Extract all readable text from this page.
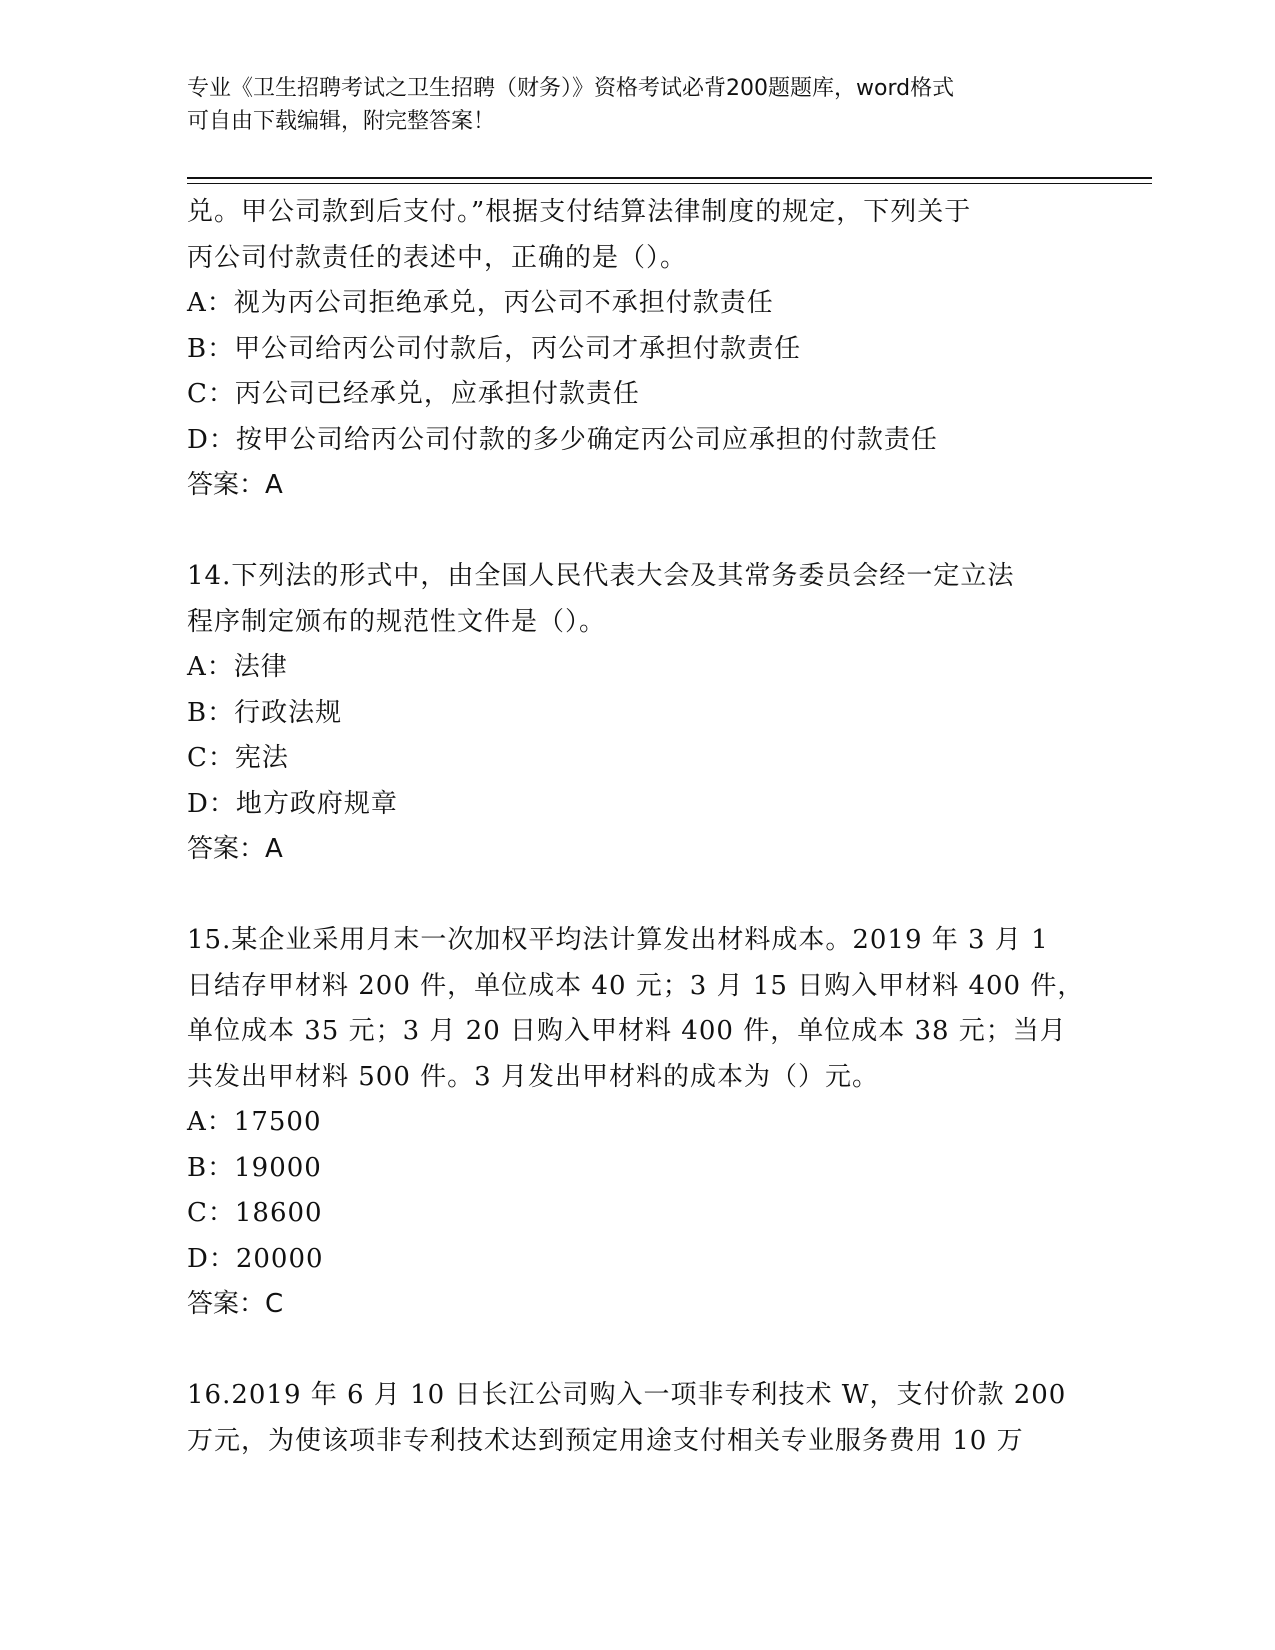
专业《卫生招聘考试之卫生招聘（财务）》资格考试必背200题题库，word格式
可自由下载编辑，附完整答案！
兑。甲公司款到后支付。”根据支付结算法律制度的规定，下列关于
丙公司付款责任的表述中，正确的是（）。
A：视为丙公司拒绝承兑，丙公司不承担付款责任
B：甲公司给丙公司付款后，丙公司才承担付款责任
C：丙公司已经承兑，应承担付款责任
D：按甲公司给丙公司付款的多少确定丙公司应承担的付款责任
答案：A
14.下列法的形式中，由全国人民代表大会及其常务委员会经一定立法
程序制定颁布的规范性文件是（）。
A：法律
B：行政法规
C：宪法
D：地方政府规章
答案：A
15.某企业采用月末一次加权平均法计算发出材料成本。2019 年 3 月 1
日结存甲材料 200 件，单位成本 40 元；3 月 15 日购入甲材料 400 件，
单位成本 35 元；3 月 20 日购入甲材料 400 件，单位成本 38 元；当月
共发出甲材料 500 件。3 月发出甲材料的成本为（）元。
A：17500
B：19000
C：18600
D：20000
答案：C
16.2019 年 6 月 10 日长江公司购入一项非专利技术 W，支付价款 200
万元，为使该项非专利技术达到预定用途支付相关专业服务费用 10 万
